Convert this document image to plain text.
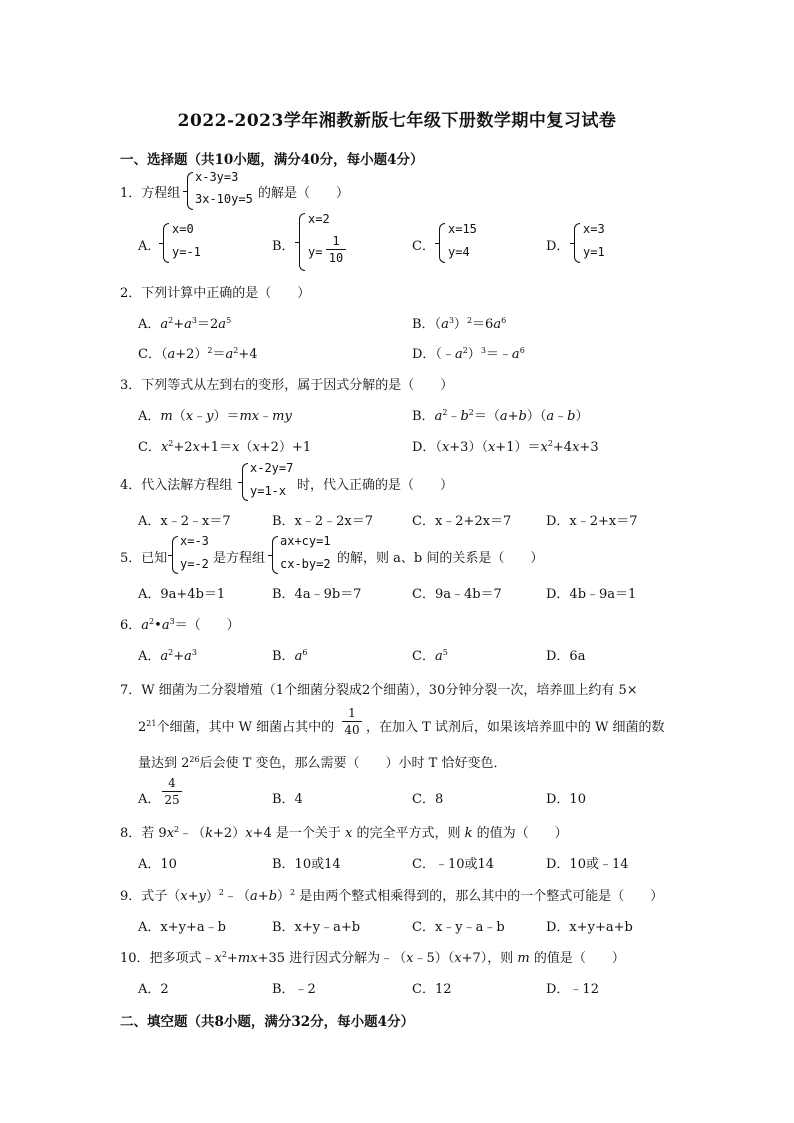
2022-2023学年湘教新版七年级下册数学期中复习试卷
一、选择题（共10小题，满分40分，每小题4分）
1．方程组
x-3y=3
3x-10y=5 的解是（　　）
A．
x=0
y=-1	B．
x=2
y=
1
10
C．
x=15
y=4	D．
x=3
y=1
2．下列计算中正确的是（　　）
A．$a^2+a^3=2a^5$	B．$(a^3)^2=6a^6$
C．$(a+2)^2=a^2+4$	D．$(﹣a^2)^3=﹣a^6$
3．下列等式从左到右的变形，属于因式分解的是（　　）
A．m（x﹣y）＝mx﹣my	B．$a^2﹣b^2=(a+b)(a﹣b)$
C．$x^2+2x+1=x(x+2)+1$	D．$(x+3)(x+1)=x^2+4x+3$
4．代入法解方程组
x-2y=7
y=1-x 时，代入正确的是（　　）
A．x﹣2﹣x＝7	B．x﹣2﹣2x＝7	C．x﹣2+2x＝7	D．x﹣2+x＝7
5．已知
x=-3
y=-2 是方程组
ax+cy=1
cx-by=2 的解，则 a、b 间的关系是（　　）
A．9a+4b＝1	B．4a﹣9b＝7	C．9a﹣4b＝7	D．4b﹣9a＝1
6．$a^2•a^3=$（　　）
A．$a^2+a^3$	B．$a^6$	C．$a^5$	D．6a
7．W 细菌为二分裂增殖（1个细菌分裂成2个细菌），30分钟分裂一次，培养皿上约有 5×
$2^{21}$个细菌，其中 W 细菌占其中的
1
40 ，在加入 T 试剂后，如果该培养皿中的 W 细菌的数
量达到 $2^{26}$后会使 T 变色，那么需要（　　）小时 T 恰好变色．
A．
4
25	B．4	C．8	D．10
8．若 $9x^2﹣(k+2)x+4$ 是一个关于 x 的完全平方式，则 k 的值为（　　）
A．10	B．10或14	C．﹣10或14	D．10或﹣14
9．式子$(x+y)^2﹣(a+b)^2$ 是由两个整式相乘得到的，那么其中的一个整式可能是（　　）
A．x+y+a﹣b	B．x+y﹣a+b	C．x﹣y﹣a﹣b	D．x+y+a+b
10．把多项式$﹣x^2+mx+35$ 进行因式分解为﹣（x﹣5）（x+7），则 m 的值是（　　）
A．2	B．﹣2	C．12	D．﹣12
二、填空题（共8小题，满分32分，每小题4分）
